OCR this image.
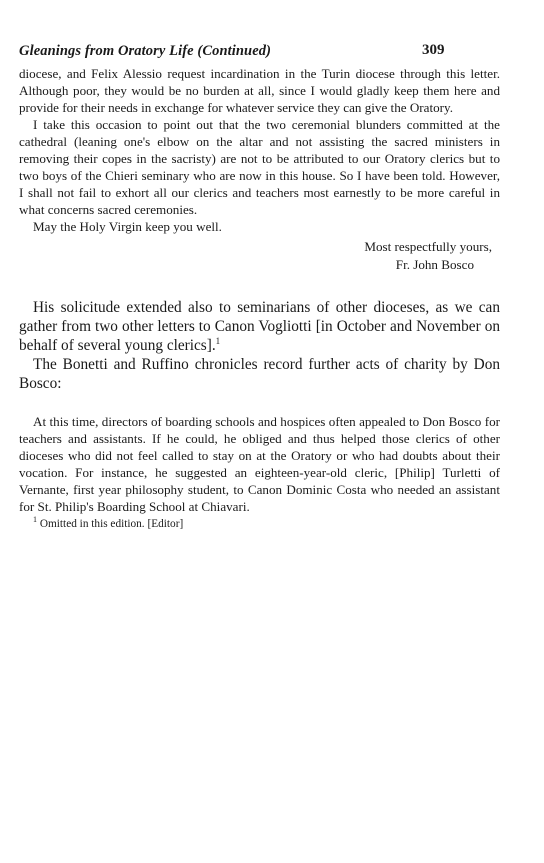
Gleanings from Oratory Life (Continued)	309

diocese, and Felix Alessio request incardination in the Turin diocese through this letter. Although poor, they would be no burden at all, since I would gladly keep them here and provide for their needs in exchange for whatever service they can give the Oratory.

I take this occasion to point out that the two ceremonial blunders committed at the cathedral (leaning one's elbow on the altar and not assisting the sacred ministers in removing their copes in the sacristy) are not to be attributed to our Oratory clerics but to two boys of the Chieri seminary who are now in this house. So I have been told. However, I shall not fail to exhort all our clerics and teachers most earnestly to be more careful in what concerns sacred ceremonies.

May the Holy Virgin keep you well.

Most respectfully yours,
Fr. John Bosco

His solicitude extended also to seminarians of other dioceses, as we can gather from two other letters to Canon Vogliotti [in October and November on behalf of several young clerics].$^1$

The Bonetti and Ruffino chronicles record further acts of charity by Don Bosco:

At this time, directors of boarding schools and hospices often appealed to Don Bosco for teachers and assistants. If he could, he obliged and thus helped those clerics of other dioceses who did not feel called to stay on at the Oratory or who had doubts about their vocation. For instance, he suggested an eighteen-year-old cleric, [Philip] Turletti of Vernante, first year philosophy student, to Canon Dominic Costa who needed an assistant for St. Philip's Boarding School at Chiavari.

$^1$ Omitted in this edition. [Editor]
